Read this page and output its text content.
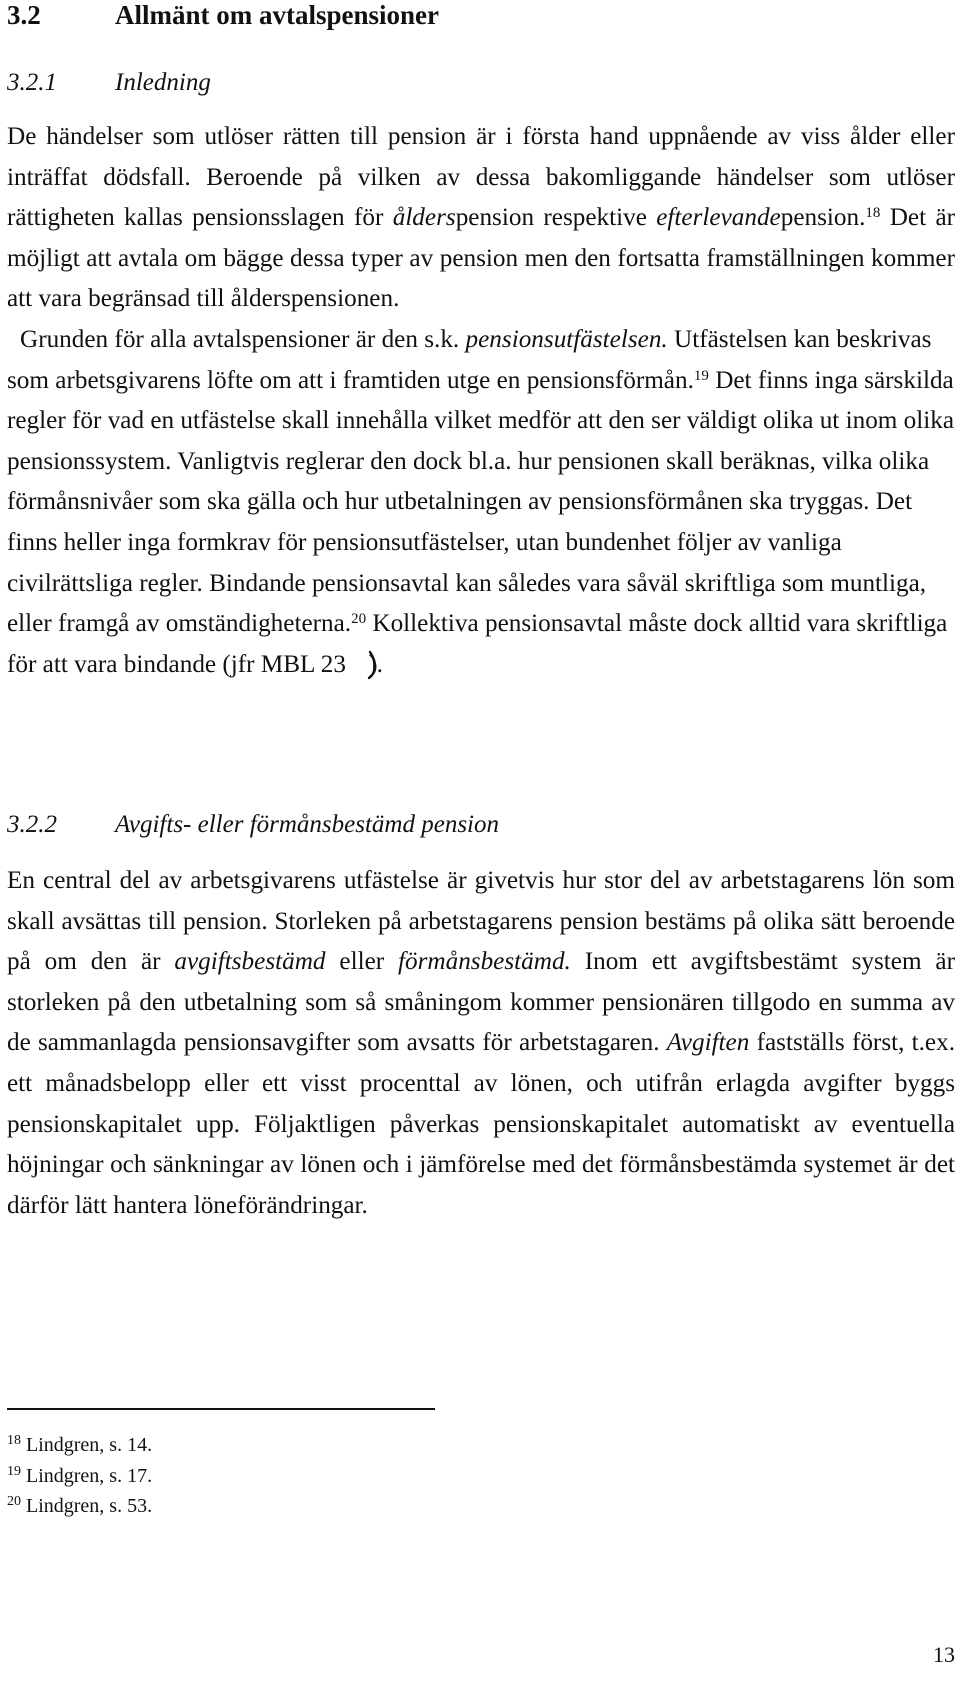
3.2	Allmänt om avtalspensioner
3.2.1 Inledning

De händelser som utlöser rätten till pension är i första hand uppnående av viss ålder eller inträffat dödsfall. Beroende på vilken av dessa bakomliggande händelser som utlöser rättigheten kallas pensionsslagen för ålderspension respektive efterlevandepension.$^{18}$ Det är möjligt att avtala om bägge dessa typer av pension men den fortsatta framställningen kommer att vara begränsad till ålderspensionen.

Grunden för alla avtalspensioner är den s.k. pensionsutfästelsen. Utfästelsen kan beskrivas som arbetsgivarens löfte om att i framtiden utge en pensionsförmån.$^{19}$ Det finns inga särskilda regler för vad en utfästelse skall innehålla vilket medför att den ser väldigt olika ut inom olika pensionssystem. Vanligtvis reglerar den dock bl.a. hur pensionen skall beräknas, vilka olika förmånsnivåer som ska gälla och hur utbetalningen av pensionsförmånen ska tryggas. Det finns heller inga formkrav för pensionsutfästelser, utan bundenhet följer av vanliga civilrättsliga regler. Bindande pensionsavtal kan således vara såväl skriftliga som muntliga, eller framgå av omständigheterna.$^{20}$ Kollektiva pensionsavtal måste dock alltid vara skriftliga för att vara bindande (jfr MBL 23 ).

3.2.2 Avgifts- eller förmånsbestämd pension

En central del av arbetsgivarens utfästelse är givetvis hur stor del av arbetstagarens lön som skall avsättas till pension. Storleken på arbetstagarens pension bestäms på olika sätt beroende på om den är avgiftsbestämd eller förmånsbestämd. Inom ett avgiftsbestämt system är storleken på den utbetalning som så småningom kommer pensionären tillgodo en summa av de sammanlagda pensionsavgifter som avsatts för arbetstagaren. Avgiften fastställs först, t.ex. ett månadsbelopp eller ett visst procenttal av lönen, och utifrån erlagda avgifter byggs pensionskapitalet upp. Följaktligen påverkas pensionskapitalet automatiskt av eventuella höjningar och sänkningar av lönen och i jämförelse med det förmånsbestämda systemet är det därför lätt hantera löneförändringar.

$^{18}$ Lindgren, s. 14.
$^{19}$ Lindgren, s. 17.
$^{20}$ Lindgren, s. 53.
13
